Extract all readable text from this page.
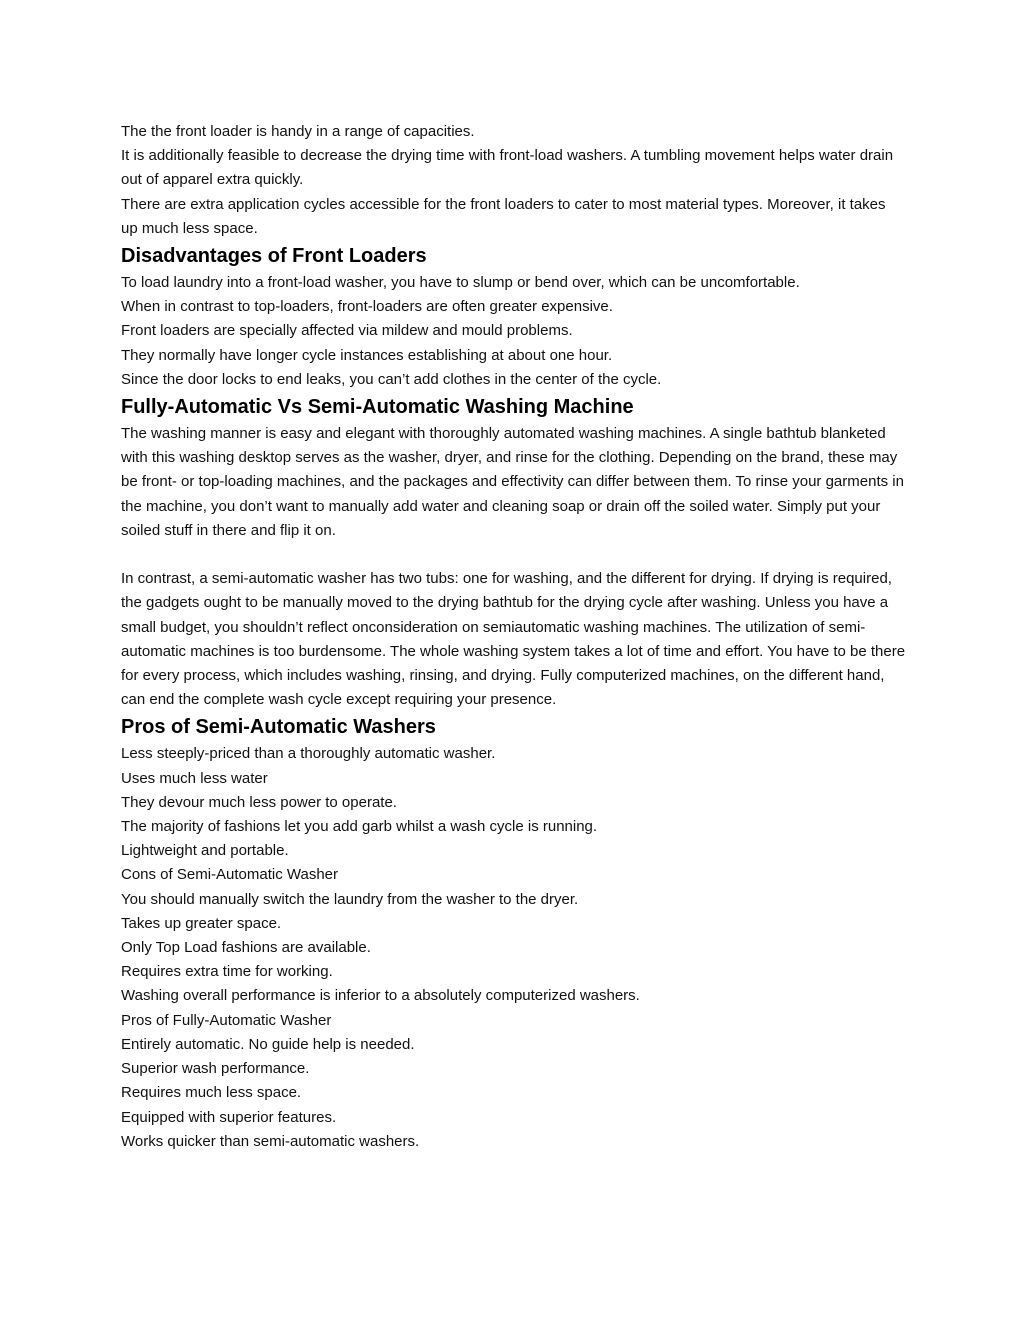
The the front loader is handy in a range of capacities.

It is additionally feasible to decrease the drying time with front-load washers. A tumbling movement helps water drain out of apparel extra quickly.

There are extra application cycles accessible for the front loaders to cater to most material types. Moreover, it takes up much less space.

Disadvantages of Front Loaders

To load laundry into a front-load washer, you have to slump or bend over, which can be uncomfortable.

When in contrast to top-loaders, front-loaders are often greater expensive.

Front loaders are specially affected via mildew and mould problems.

They normally have longer cycle instances establishing at about one hour.

Since the door locks to end leaks, you can’t add clothes in the center of the cycle.

Fully-Automatic Vs Semi-Automatic Washing Machine

The washing manner is easy and elegant with thoroughly automated washing machines. A single bathtub blanketed with this washing desktop serves as the washer, dryer, and rinse for the clothing. Depending on the brand, these may be front- or top-loading machines, and the packages and effectivity can differ between them. To rinse your garments in the machine, you don’t want to manually add water and cleaning soap or drain off the soiled water. Simply put your soiled stuff in there and flip it on.

In contrast, a semi-automatic washer has two tubs: one for washing, and the different for drying. If drying is required, the gadgets ought to be manually moved to the drying bathtub for the drying cycle after washing. Unless you have a small budget, you shouldn’t reflect onconsideration on semiautomatic washing machines. The utilization of semi-automatic machines is too burdensome. The whole washing system takes a lot of time and effort. You have to be there for every process, which includes washing, rinsing, and drying. Fully computerized machines, on the different hand, can end the complete wash cycle except requiring your presence.

Pros of Semi-Automatic Washers

Less steeply-priced than a thoroughly automatic washer.

Uses much less water

They devour much less power to operate.

The majority of fashions let you add garb whilst a wash cycle is running.

Lightweight and portable.

Cons of Semi-Automatic Washer

You should manually switch the laundry from the washer to the dryer.

Takes up greater space.

Only Top Load fashions are available.

Requires extra time for working.

Washing overall performance is inferior to a absolutely computerized washers.

Pros of Fully-Automatic Washer

Entirely automatic. No guide help is needed.

Superior wash performance.

Requires much less space.

Equipped with superior features.

Works quicker than semi-automatic washers.
